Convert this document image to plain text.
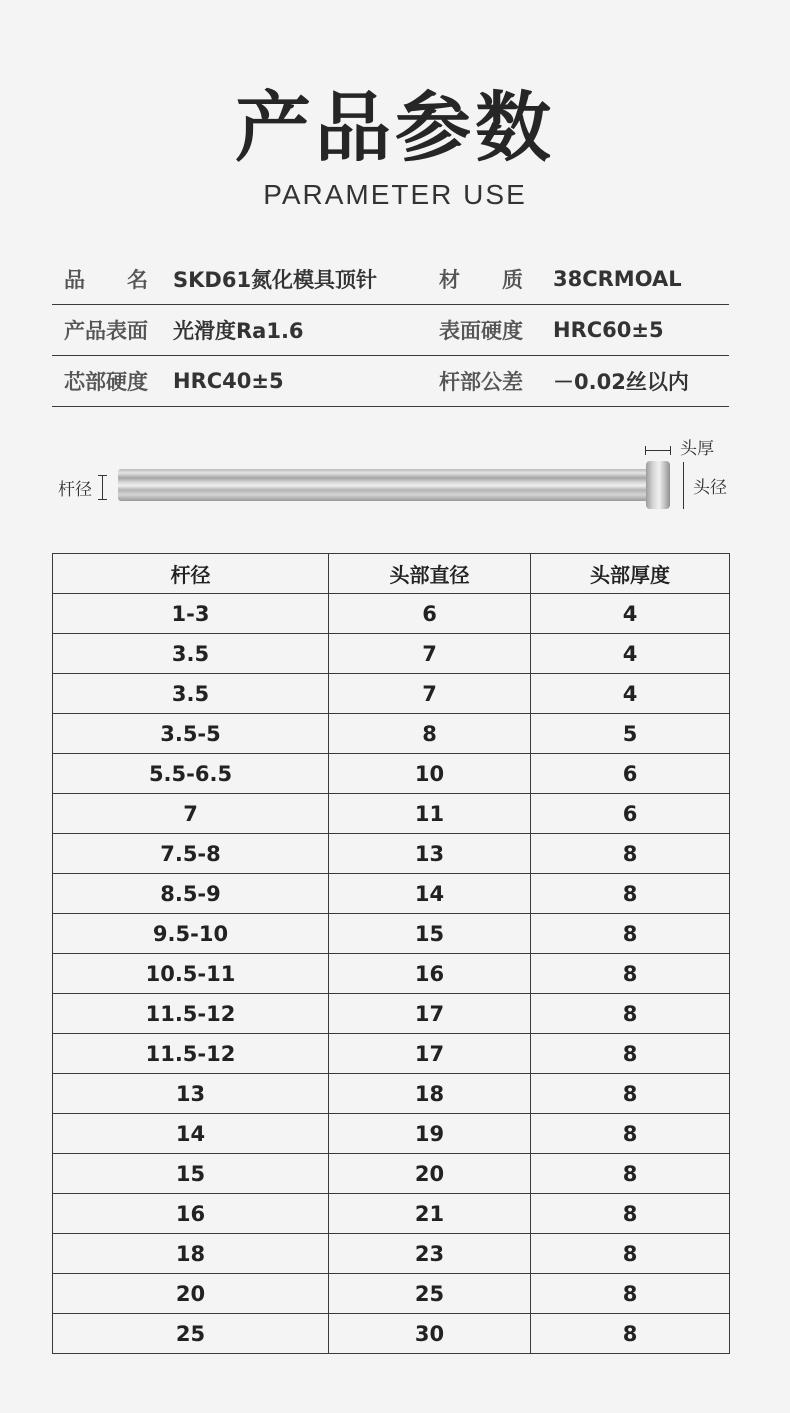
产品参数
PARAMETER USE
品　　名	SKD61氮化模具顶针	材　　质	38CRMOAL
产品表面	光滑度Ra1.6	表面硬度	HRC60±5
芯部硬度	HRC40±5	杆部公差	－0.02丝以内
杆径
头厚
头径
杆径	头部直径	头部厚度
1-3	6	4
3.5	7	4
3.5	7	4
3.5-5	8	5
5.5-6.5	10	6
7	11	6
7.5-8	13	8
8.5-9	14	8
9.5-10	15	8
10.5-11	16	8
11.5-12	17	8
11.5-12	17	8
13	18	8
14	19	8
15	20	8
16	21	8
18	23	8
20	25	8
25	30	8
